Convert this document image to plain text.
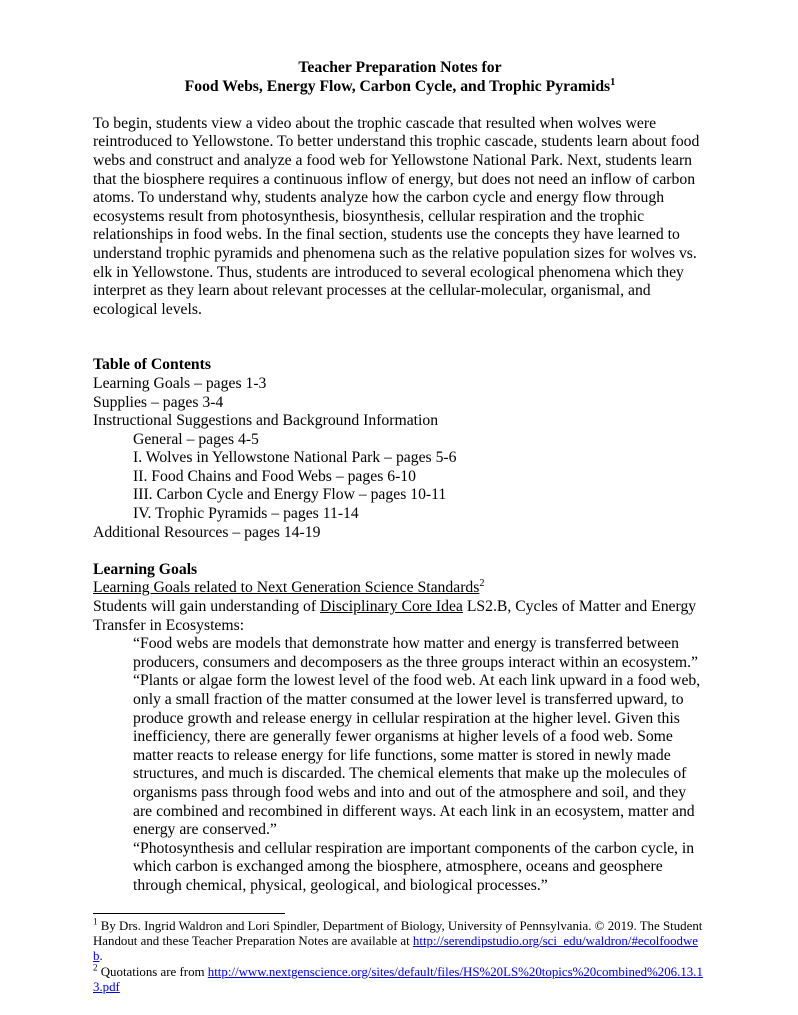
Teacher Preparation Notes for
Food Webs, Energy Flow, Carbon Cycle, and Trophic Pyramids$^1$
To begin, students view a video about the trophic cascade that resulted when wolves were reintroduced to Yellowstone. To better understand this trophic cascade, students learn about food webs and construct and analyze a food web for Yellowstone National Park. Next, students learn that the biosphere requires a continuous inflow of energy, but does not need an inflow of carbon atoms. To understand why, students analyze how the carbon cycle and energy flow through ecosystems result from photosynthesis, biosynthesis, cellular respiration and the trophic relationships in food webs. In the final section, students use the concepts they have learned to understand trophic pyramids and phenomena such as the relative population sizes for wolves vs. elk in Yellowstone. Thus, students are introduced to several ecological phenomena which they interpret as they learn about relevant processes at the cellular-molecular, organismal, and ecological levels.
Table of Contents
Learning Goals – pages 1-3
Supplies – pages 3-4
Instructional Suggestions and Background Information
General – pages 4-5
I. Wolves in Yellowstone National Park – pages 5-6
II. Food Chains and Food Webs – pages 6-10
III. Carbon Cycle and Energy Flow – pages 10-11
IV. Trophic Pyramids – pages 11-14
Additional Resources – pages 14-19
Learning Goals
Learning Goals related to Next Generation Science Standards$^2$
Students will gain understanding of Disciplinary Core Idea LS2.B, Cycles of Matter and Energy Transfer in Ecosystems:
“Food webs are models that demonstrate how matter and energy is transferred between producers, consumers and decomposers as the three groups interact within an ecosystem.”
“Plants or algae form the lowest level of the food web. At each link upward in a food web, only a small fraction of the matter consumed at the lower level is transferred upward, to produce growth and release energy in cellular respiration at the higher level. Given this inefficiency, there are generally fewer organisms at higher levels of a food web. Some matter reacts to release energy for life functions, some matter is stored in newly made structures, and much is discarded. The chemical elements that make up the molecules of organisms pass through food webs and into and out of the atmosphere and soil, and they are combined and recombined in different ways. At each link in an ecosystem, matter and energy are conserved.”
“Photosynthesis and cellular respiration are important components of the carbon cycle, in which carbon is exchanged among the biosphere, atmosphere, oceans and geosphere through chemical, physical, geological, and biological processes.”
$^1$ By Drs. Ingrid Waldron and Lori Spindler, Department of Biology, University of Pennsylvania. © 2019. The Student Handout and these Teacher Preparation Notes are available at http://serendipstudio.org/sci_edu/waldron/#ecolfoodweb.
$^2$ Quotations are from http://www.nextgenscience.org/sites/default/files/HS%20LS%20topics%20combined%206.13.13.pdf
